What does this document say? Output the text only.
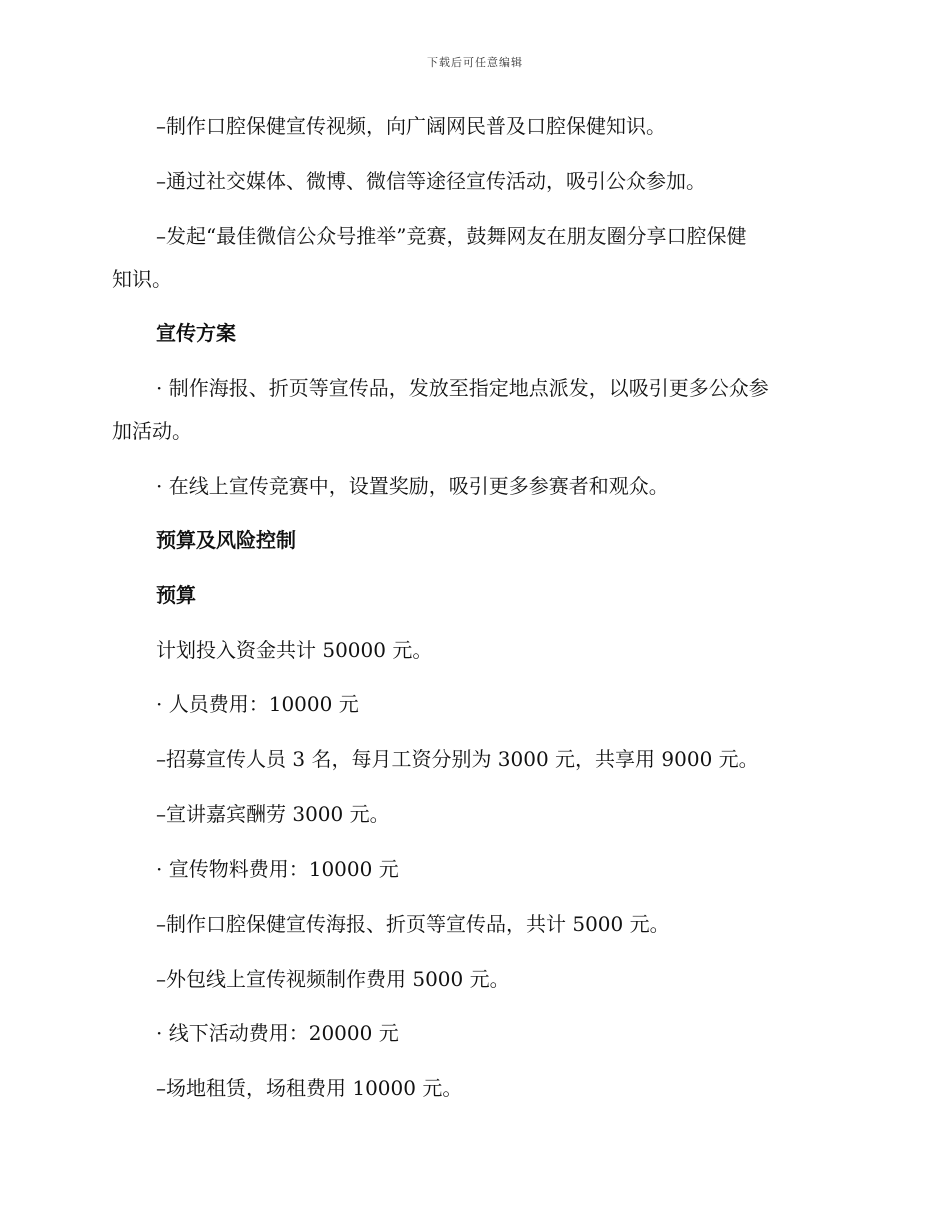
下载后可任意编辑
–制作口腔保健宣传视频，向广阔网民普及口腔保健知识。
–通过社交媒体、微博、微信等途径宣传活动，吸引公众参加。
–发起“最佳微信公众号推举”竞赛，鼓舞网友在朋友圈分享口腔保健
知识。
宣传方案
· 制作海报、折页等宣传品，发放至指定地点派发，以吸引更多公众参
加活动。
· 在线上宣传竞赛中，设置奖励，吸引更多参赛者和观众。
预算及风险控制
预算
计划投入资金共计 50000 元。
· 人员费用：10000 元
–招募宣传人员 3 名，每月工资分别为 3000 元，共享用 9000 元。
–宣讲嘉宾酬劳 3000 元。
· 宣传物料费用：10000 元
–制作口腔保健宣传海报、折页等宣传品，共计 5000 元。
–外包线上宣传视频制作费用 5000 元。
· 线下活动费用：20000 元
–场地租赁，场租费用 10000 元。
